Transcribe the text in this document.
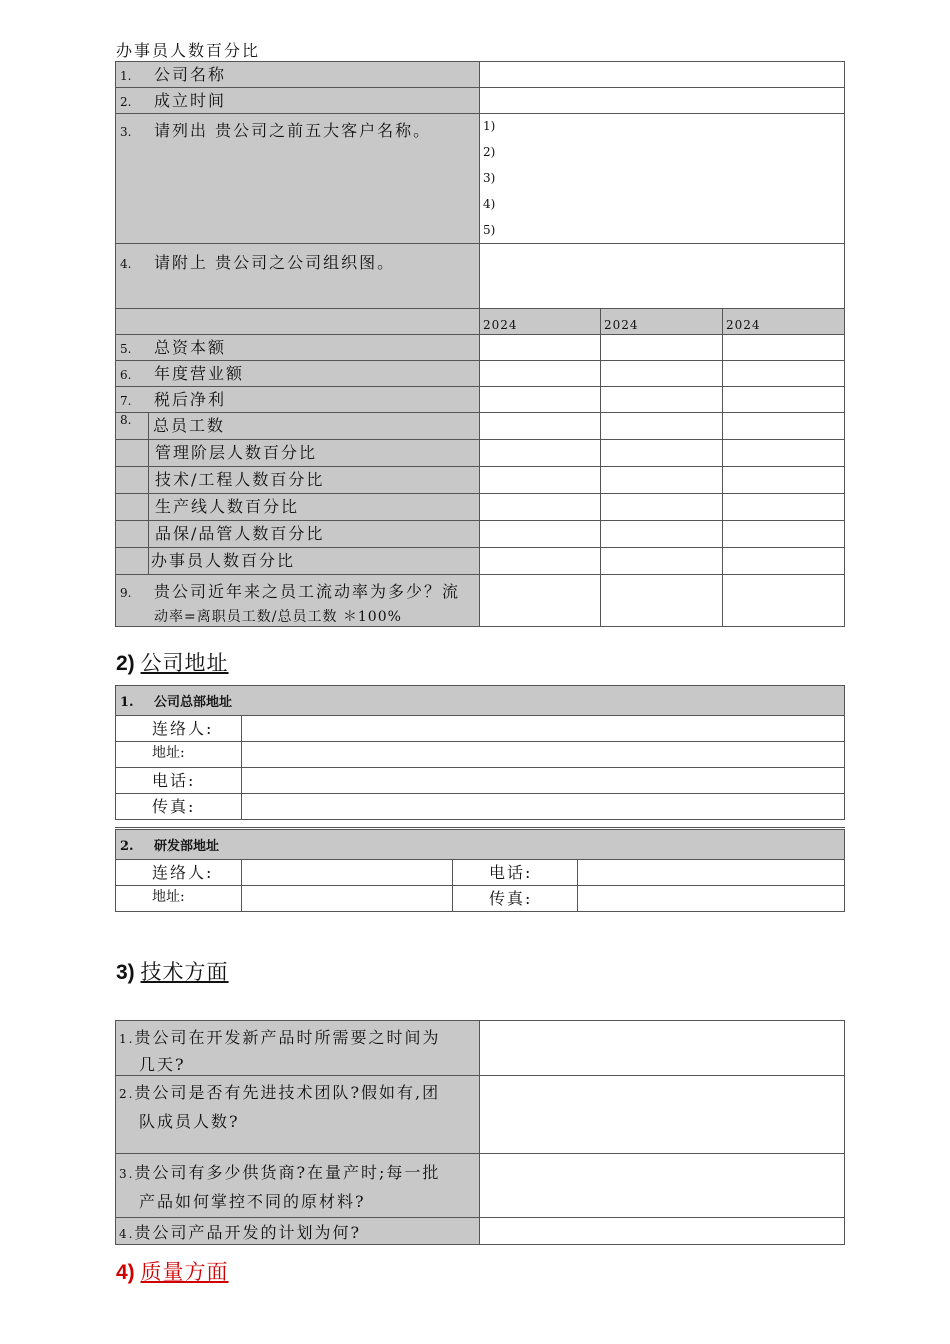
办事员人数百分比
1. 公司名称			
2. 成立时间			
3. 请列出 贵公司之前五大客户名称。	1)
2)
3)
4)
5)		

4. 请附上 贵公司之公司组织图。			
	2024	2024	2024
5. 总资本额			
6. 年度营业额			
7. 税后净利			

8. 总员工数			

管理阶层人数百分比			

技术/工程人数百分比			

生产线人数百分比			

品保/品管人数百分比			

办事员人数百分比			

9. 贵公司近年来之员工流动率为多少？流
动率=离职员工数/总员工数 ＊100%			

2) 公司地址
1. 公司总部地址	
连络人:	
地址:	
电话:	
传真:	
2. 研发部地址			
连络人:		电话:	
地址:		传真:	
3) 技术方面
1.贵公司在开发新产品时所需要之时间为
几天?	

2.贵公司是否有先进技术团队?假如有,团
队成员人数?	

3.贵公司有多少供货商?在量产时;每一批
产品如何掌控不同的原材料?	

4.贵公司产品开发的计划为何?	

4) 质量方面
